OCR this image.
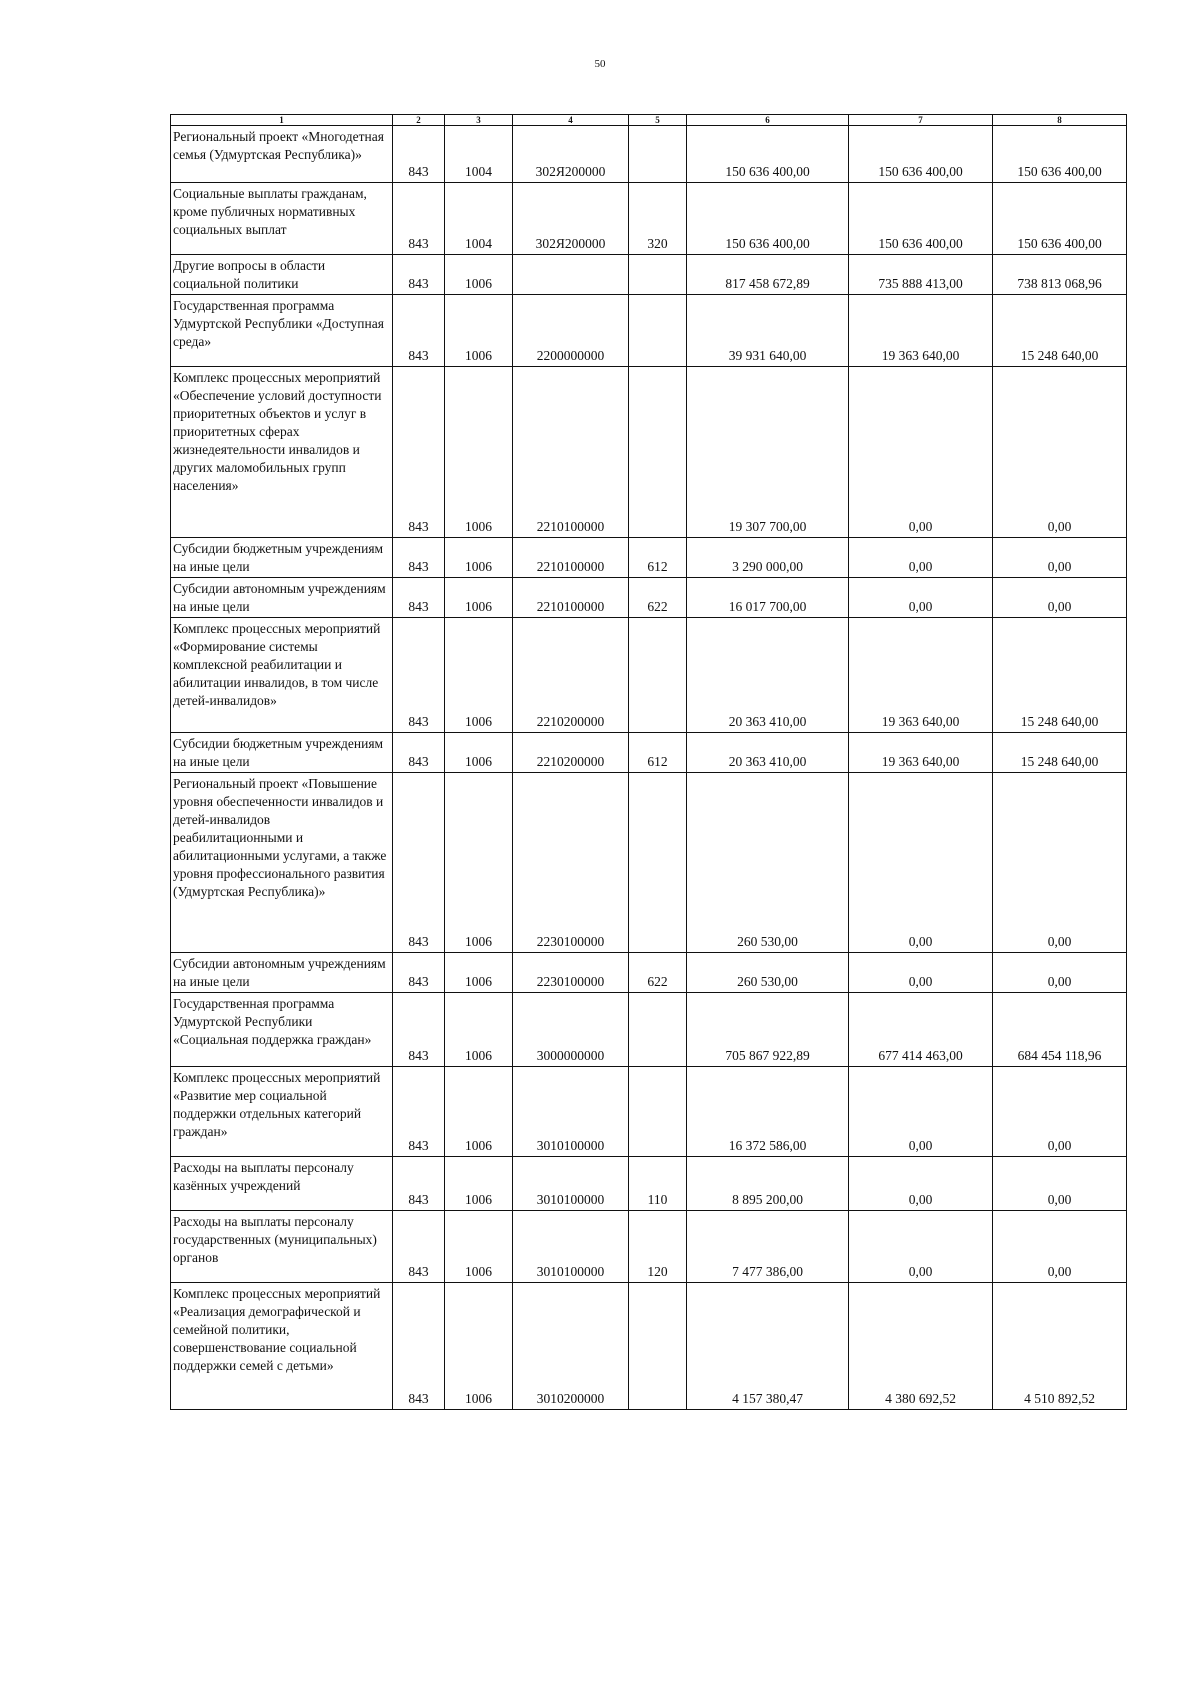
50
1	2	3	4	5	6	7	8
Региональный проект «Многодетная семья (Удмуртская Республика)»	843	1004	302Я200000		150 636 400,00	150 636 400,00	150 636 400,00
Социальные выплаты гражданам, кроме публичных нормативных социальных выплат	843	1004	302Я200000	320	150 636 400,00	150 636 400,00	150 636 400,00
Другие вопросы в области социальной политики	843	1006			817 458 672,89	735 888 413,00	738 813 068,96
Государственная программа Удмуртской Республики «Доступная среда»	843	1006	2200000000		39 931 640,00	19 363 640,00	15 248 640,00
Комплекс процессных мероприятий «Обеспечение условий доступности приоритетных объектов и услуг в приоритетных сферах жизнедеятельности инвалидов и других маломобильных групп населения»	843	1006	2210100000		19 307 700,00	0,00	0,00
Субсидии бюджетным учреждениям на иные цели	843	1006	2210100000	612	3 290 000,00	0,00	0,00
Субсидии автономным учреждениям на иные цели	843	1006	2210100000	622	16 017 700,00	0,00	0,00
Комплекс процессных мероприятий «Формирование системы комплексной реабилитации и абилитации инвалидов, в том числе детей-инвалидов»	843	1006	2210200000		20 363 410,00	19 363 640,00	15 248 640,00
Субсидии бюджетным учреждениям на иные цели	843	1006	2210200000	612	20 363 410,00	19 363 640,00	15 248 640,00
Региональный проект «Повышение уровня обеспеченности инвалидов и детей-инвалидов реабилитационными и абилитационными услугами, а также уровня профессионального развития (Удмуртская Республика)»	843	1006	2230100000		260 530,00	0,00	0,00
Субсидии автономным учреждениям на иные цели	843	1006	2230100000	622	260 530,00	0,00	0,00
Государственная программа Удмуртской Республики «Социальная поддержка граждан»	843	1006	3000000000		705 867 922,89	677 414 463,00	684 454 118,96
Комплекс процессных мероприятий «Развитие мер социальной поддержки отдельных категорий граждан»	843	1006	3010100000		16 372 586,00	0,00	0,00
Расходы на выплаты персоналу казённых учреждений	843	1006	3010100000	110	8 895 200,00	0,00	0,00
Расходы на выплаты персоналу государственных (муниципальных) органов	843	1006	3010100000	120	7 477 386,00	0,00	0,00
Комплекс процессных мероприятий «Реализация демографической и семейной политики, совершенствование социальной поддержки семей с детьми»	843	1006	3010200000		4 157 380,47	4 380 692,52	4 510 892,52
